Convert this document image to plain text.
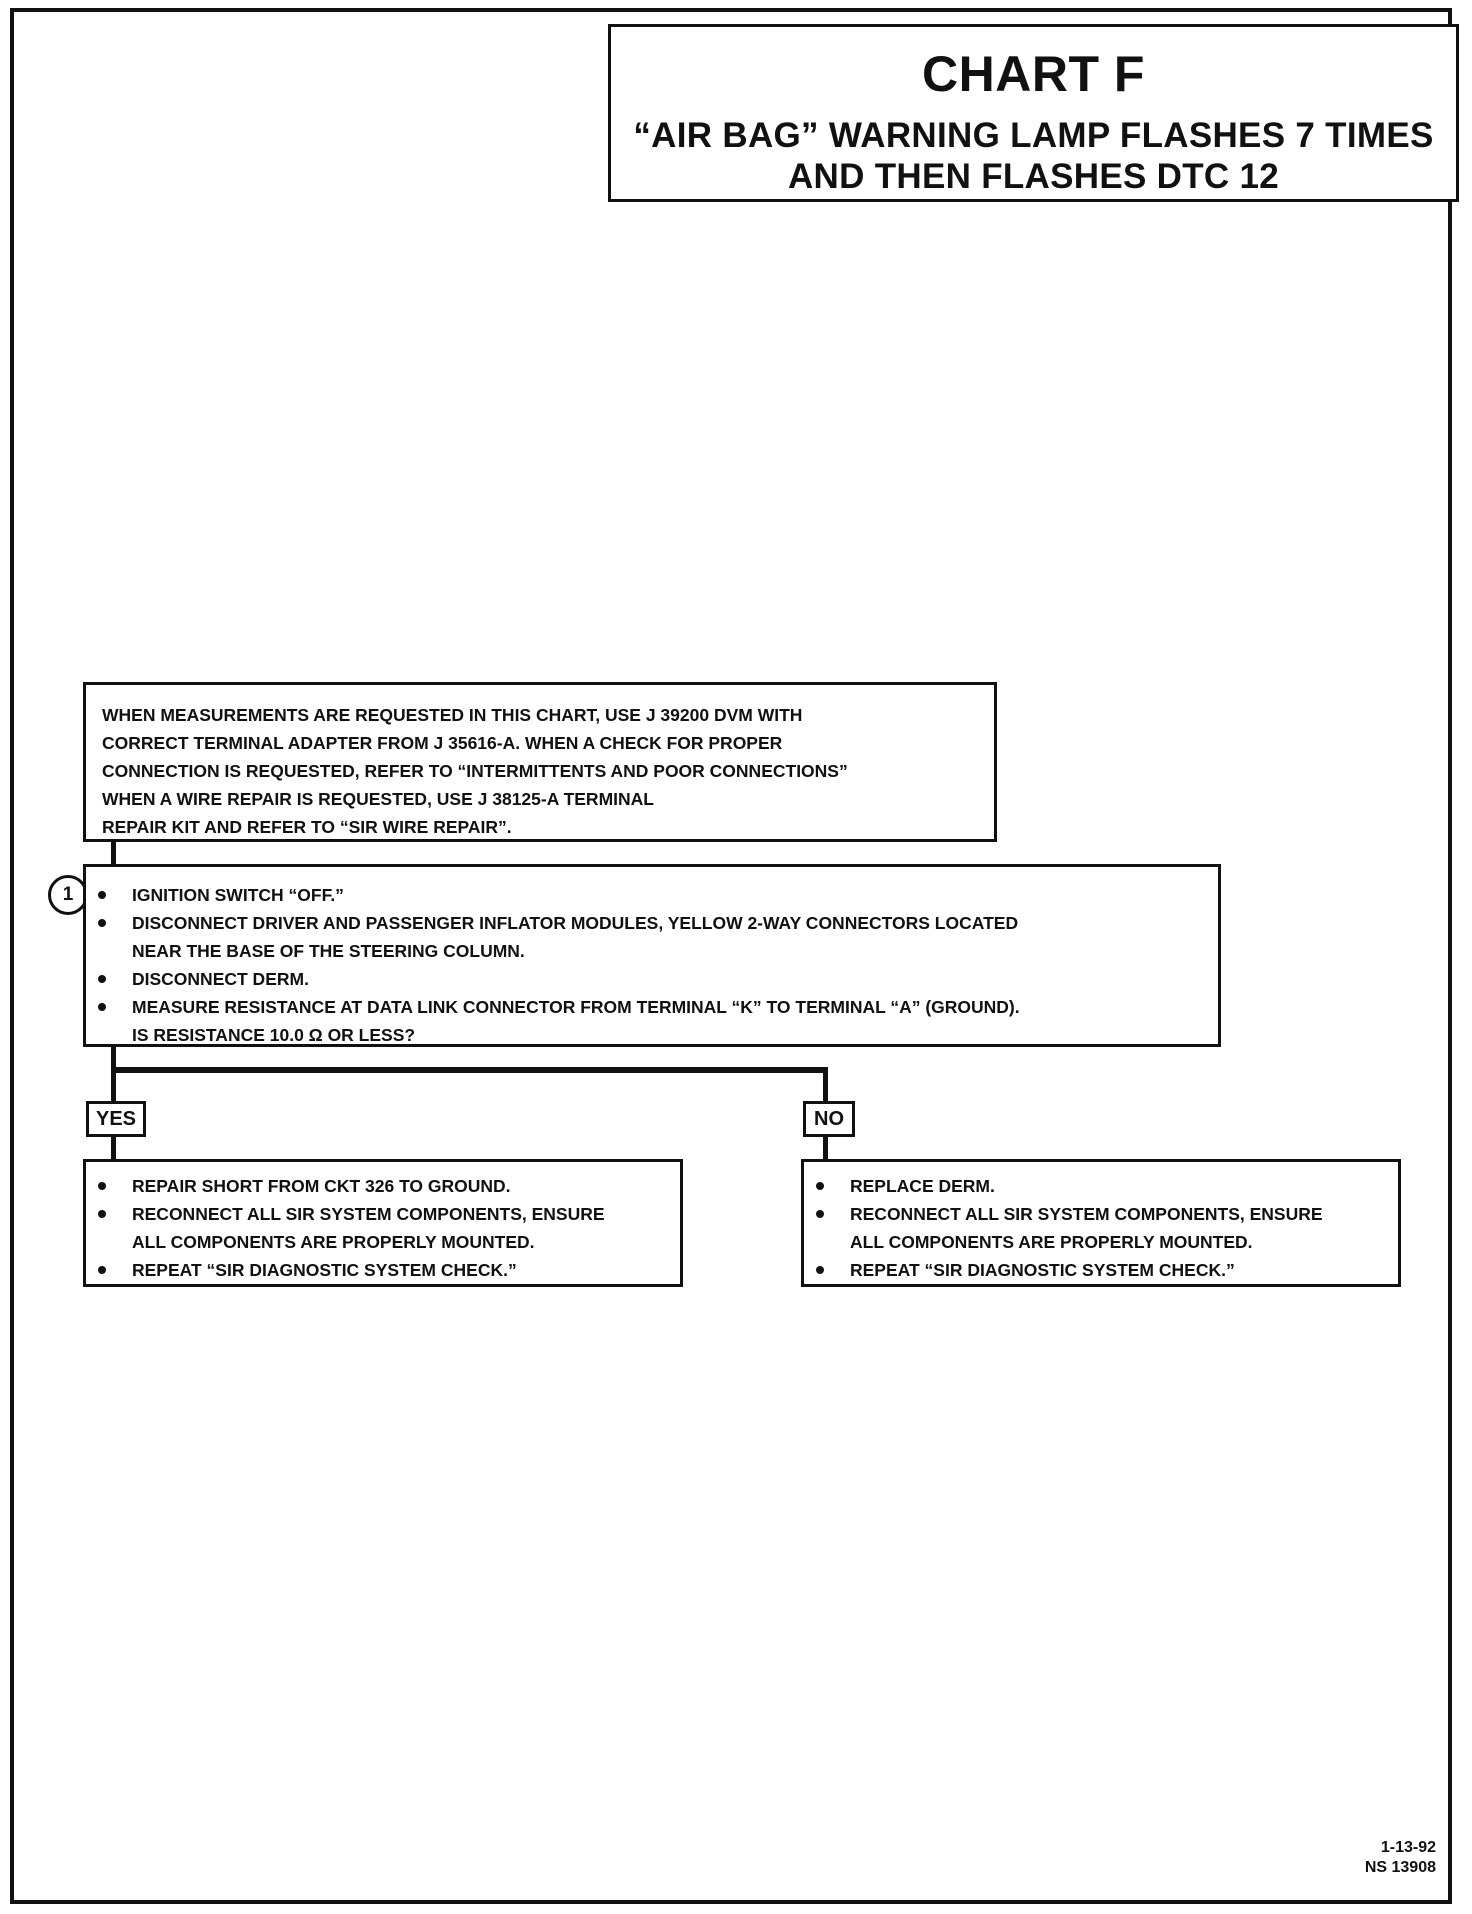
CHART F
“AIR BAG” WARNING LAMP FLASHES 7 TIMES
AND THEN FLASHES DTC 12
WHEN MEASUREMENTS ARE REQUESTED IN THIS CHART, USE J 39200 DVM WITH
CORRECT TERMINAL ADAPTER FROM J 35616-A. WHEN A CHECK FOR PROPER
CONNECTION IS REQUESTED, REFER TO “INTERMITTENTS AND POOR CONNECTIONS”
WHEN A WIRE REPAIR IS REQUESTED, USE J 38125-A TERMINAL
REPAIR KIT AND REFER TO “SIR WIRE REPAIR”.
1	IGNITION SWITCH “OFF.”
DISCONNECT DRIVER AND PASSENGER INFLATOR MODULES, YELLOW 2-WAY CONNECTORS LOCATED
NEAR THE BASE OF THE STEERING COLUMN.
DISCONNECT DERM.
MEASURE RESISTANCE AT DATA LINK CONNECTOR FROM TERMINAL “K” TO TERMINAL “A” (GROUND).
IS RESISTANCE 10.0 Ω OR LESS?
YES	NO
REPAIR SHORT FROM CKT 326 TO GROUND.
RECONNECT ALL SIR SYSTEM COMPONENTS, ENSURE
ALL COMPONENTS ARE PROPERLY MOUNTED.
REPEAT “SIR DIAGNOSTIC SYSTEM CHECK.”
REPLACE DERM.
RECONNECT ALL SIR SYSTEM COMPONENTS, ENSURE
ALL COMPONENTS ARE PROPERLY MOUNTED.
REPEAT “SIR DIAGNOSTIC SYSTEM CHECK.”
1-13-92
NS 13908
